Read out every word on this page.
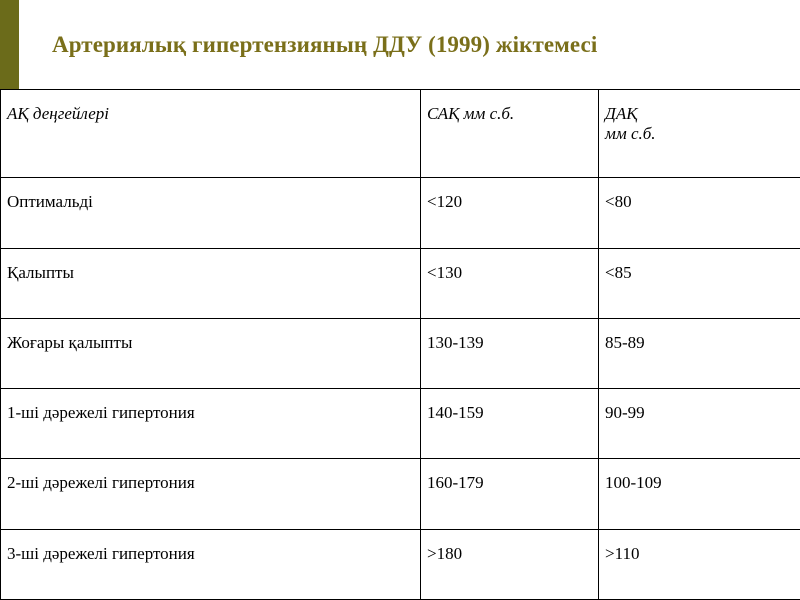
Артериялық гипертензияның ДДУ (1999) жіктемесі
АҚ деңгейлері	САҚ мм с.б.	ДАҚ
мм с.б.

Оптимальді	<120	<80
Қалыпты	<130	<85
Жоғары қалыпты	130-139	85-89
1-ші дәрежелі гипертония	140-159	90-99
2-ші дәрежелі гипертония	160-179	100-109
3-ші дәрежелі гипертония	>180	>110
